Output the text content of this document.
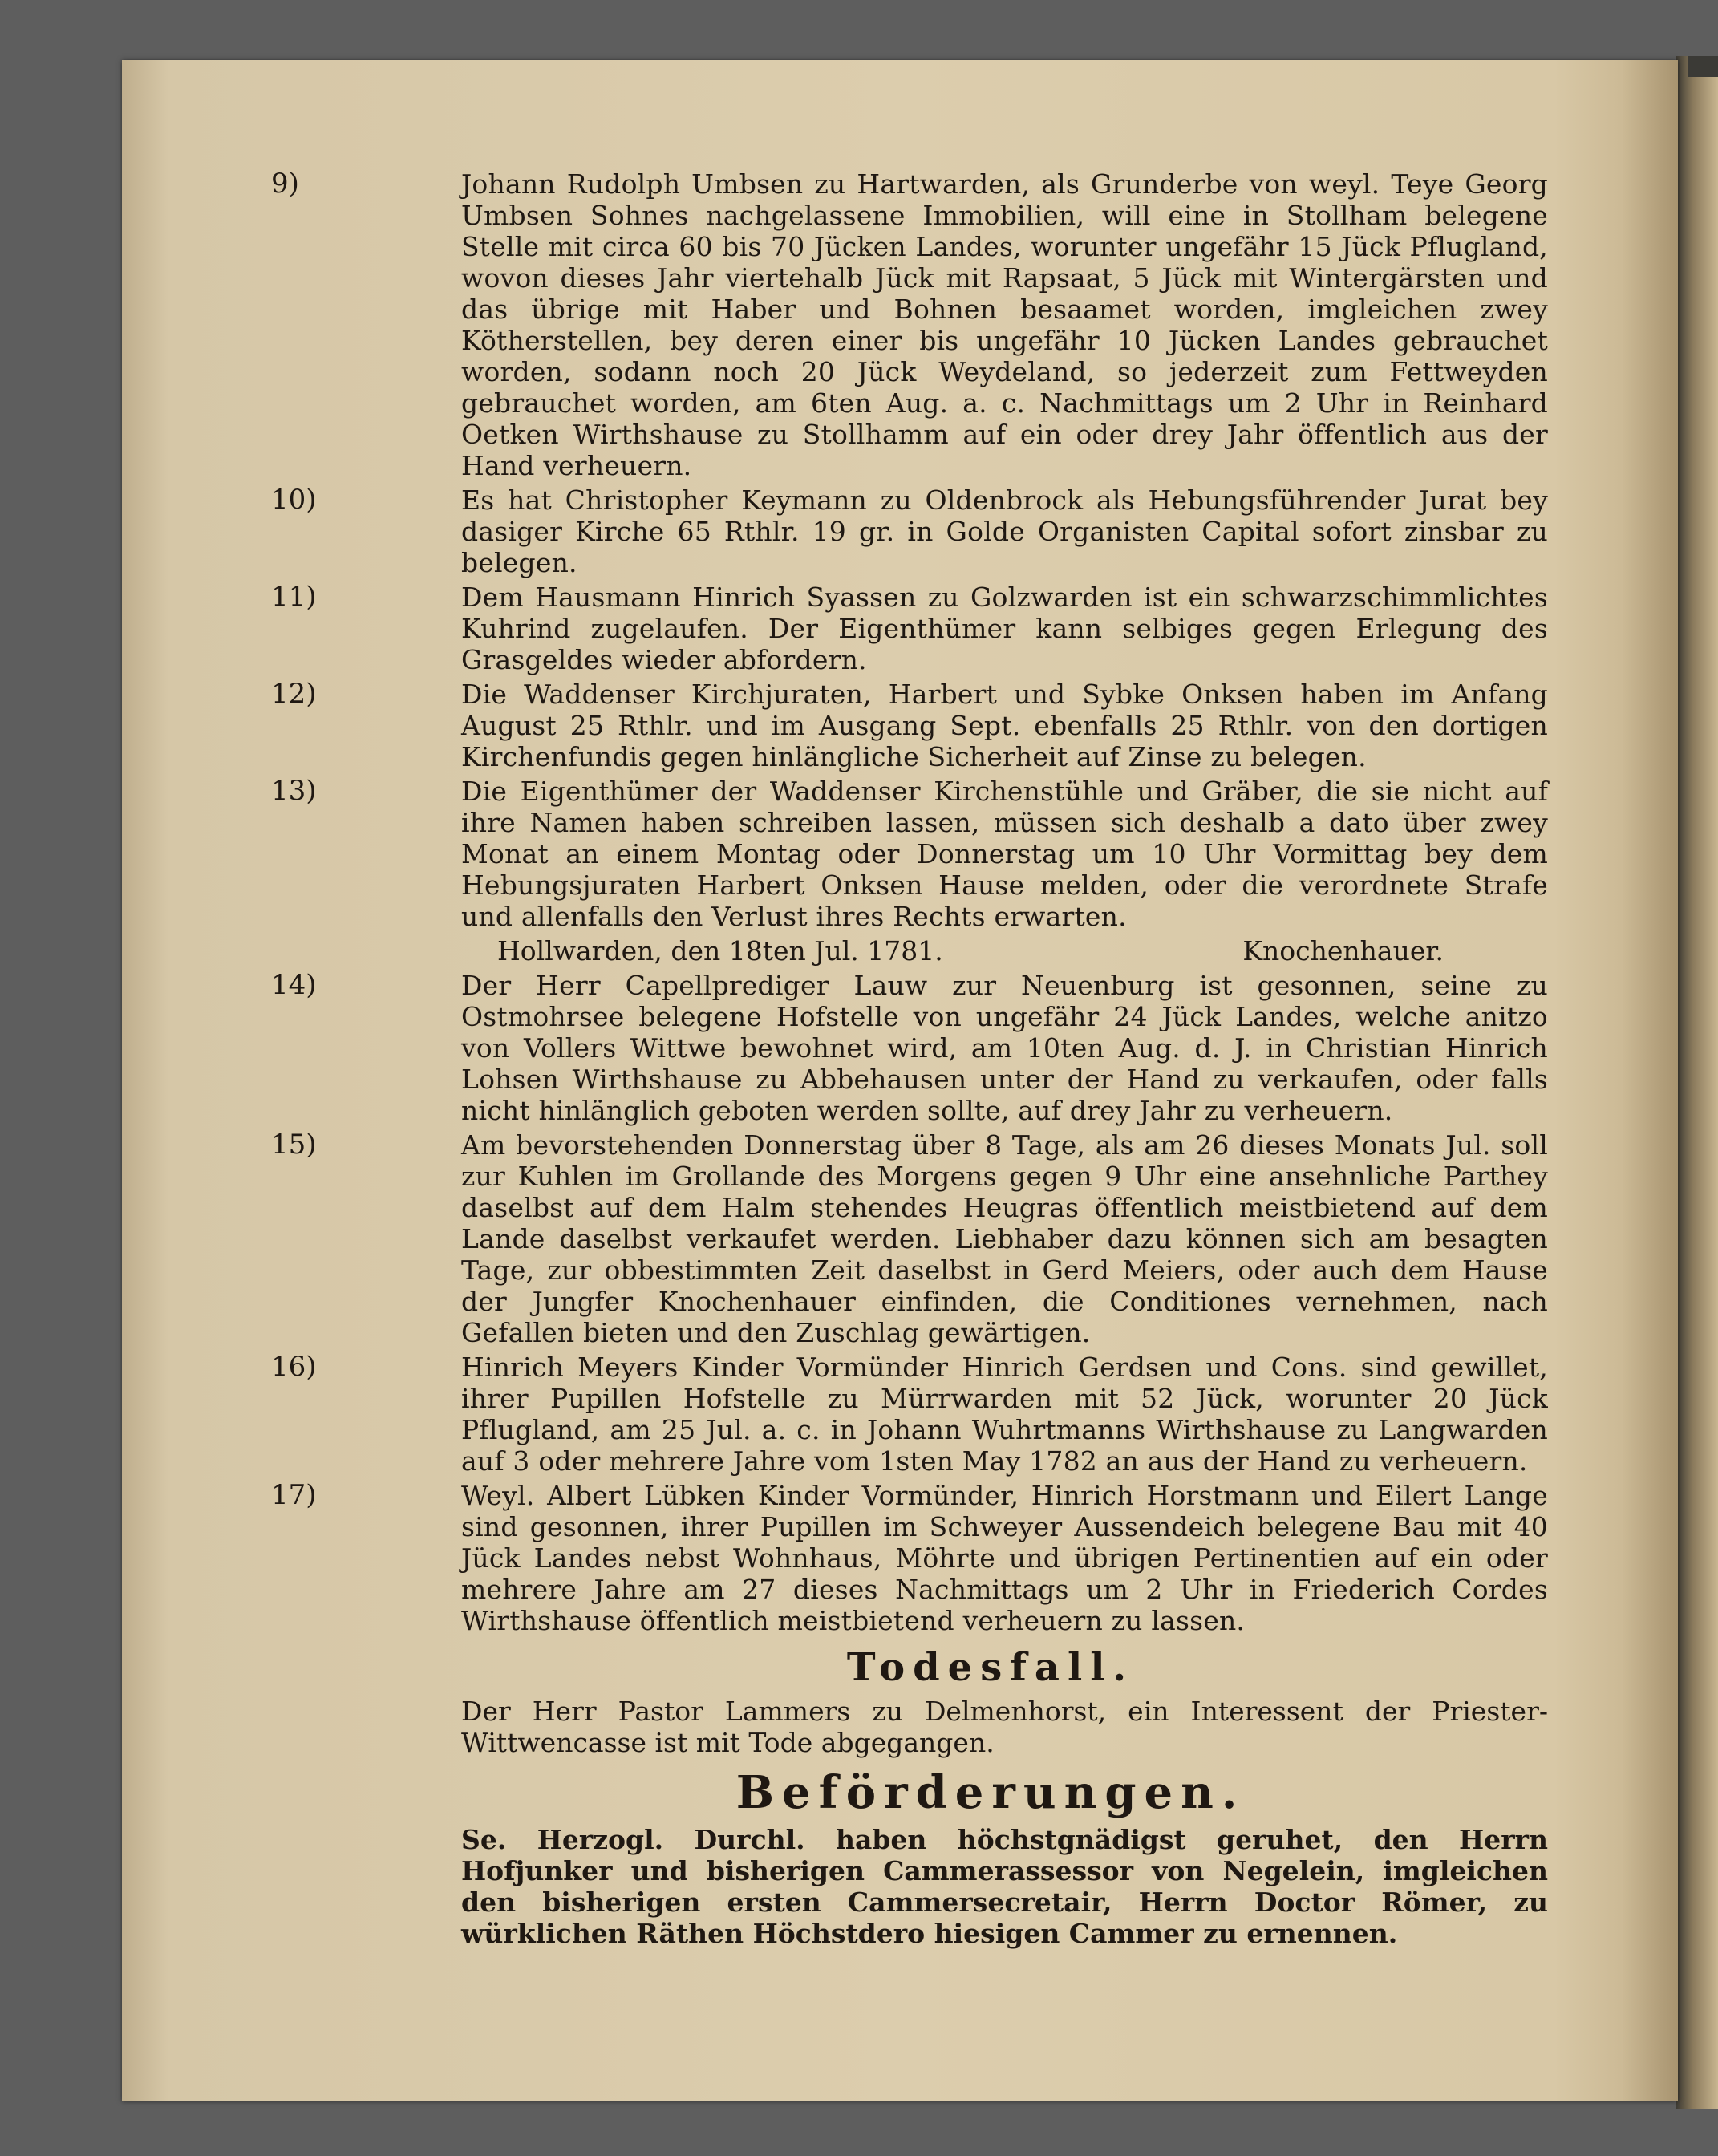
9)	Johann Rudolph Umbsen zu Hartwarden, als Grunderbe von weyl. Teye Georg Umbsen Sohnes nachgelassene Immobilien, will eine in Stollham belegene Stelle mit circa 60 bis 70 Jücken Landes, worunter ungefähr 15 Jück Pflugland, wovon dieses Jahr viertehalb Jück mit Rapsaat, 5 Jück mit Wintergärsten und das übrige mit Haber und Bohnen besaamet worden, imgleichen zwey Kötherstellen, bey deren einer bis ungefähr 10 Jücken Landes gebrauchet worden, sodann noch 20 Jück Weydeland, so jederzeit zum Fettweyden gebrauchet worden, am 6ten Aug. a. c. Nachmittags um 2 Uhr in Reinhard Oetken Wirthshause zu Stollhamm auf ein oder drey Jahr öffentlich aus der Hand verheuern.
10)	Es hat Christopher Keymann zu Oldenbrock als Hebungsführender Jurat bey dasiger Kirche 65 Rthlr. 19 gr. in Golde Organisten Capital sofort zinsbar zu belegen.
11)	Dem Hausmann Hinrich Syassen zu Golzwarden ist ein schwarzschimmlichtes Kuhrind zugelaufen. Der Eigenthümer kann selbiges gegen Erlegung des Grasgeldes wieder abfordern.
12)	Die Waddenser Kirchjuraten, Harbert und Sybke Onksen haben im Anfang August 25 Rthlr. und im Ausgang Sept. ebenfalls 25 Rthlr. von den dortigen Kirchenfundis gegen hinlängliche Sicherheit auf Zinse zu belegen.
13)	Die Eigenthümer der Waddenser Kirchenstühle und Gräber, die sie nicht auf ihre Namen haben schreiben lassen, müssen sich deshalb a dato über zwey Monat an einem Montag oder Donnerstag um 10 Uhr Vormittag bey dem Hebungsjuraten Harbert Onksen Hause melden, oder die verordnete Strafe und allenfalls den Verlust ihres Rechts erwarten.
Hollwarden, den 18ten Jul. 1781.	Knochenhauer.
14)	Der Herr Capellprediger Lauw zur Neuenburg ist gesonnen, seine zu Ostmohrsee belegene Hofstelle von ungefähr 24 Jück Landes, welche anitzo von Vollers Wittwe bewohnet wird, am 10ten Aug. d. J. in Christian Hinrich Lohsen Wirthshause zu Abbehausen unter der Hand zu verkaufen, oder falls nicht hinlänglich geboten werden sollte, auf drey Jahr zu verheuern.
15)	Am bevorstehenden Donnerstag über 8 Tage, als am 26 dieses Monats Jul. soll zur Kuhlen im Grollande des Morgens gegen 9 Uhr eine ansehnliche Parthey daselbst auf dem Halm stehendes Heugras öffentlich meistbietend auf dem Lande daselbst verkaufet werden. Liebhaber dazu können sich am besagten Tage, zur obbestimmten Zeit daselbst in Gerd Meiers, oder auch dem Hause der Jungfer Knochenhauer einfinden, die Conditiones vernehmen, nach Gefallen bieten und den Zuschlag gewärtigen.
16)	Hinrich Meyers Kinder Vormünder Hinrich Gerdsen und Cons. sind gewillet, ihrer Pupillen Hofstelle zu Mürrwarden mit 52 Jück, worunter 20 Jück Pflugland, am 25 Jul. a. c. in Johann Wuhrtmanns Wirthshause zu Langwarden auf 3 oder mehrere Jahre vom 1sten May 1782 an aus der Hand zu verheuern.
17)	Weyl. Albert Lübken Kinder Vormünder, Hinrich Horstmann und Eilert Lange sind gesonnen, ihrer Pupillen im Schweyer Aussendeich belegene Bau mit 40 Jück Landes nebst Wohnhaus, Möhrte und übrigen Pertinentien auf ein oder mehrere Jahre am 27 dieses Nachmittags um 2 Uhr in Friederich Cordes Wirthshause öffentlich meistbietend verheuern zu lassen.
Todesfall.
Der Herr Pastor Lammers zu Delmenhorst, ein Interessent der Priester-Wittwencasse ist mit Tode abgegangen.
Beförderungen.
Se. Herzogl. Durchl. haben höchstgnädigst geruhet, den Herrn Hofjunker und bisherigen Cammerassessor von Negelein, imgleichen den bisherigen ersten Cammersecretair, Herrn Doctor Römer, zu würklichen Räthen Höchstdero hiesigen Cammer zu ernennen.
